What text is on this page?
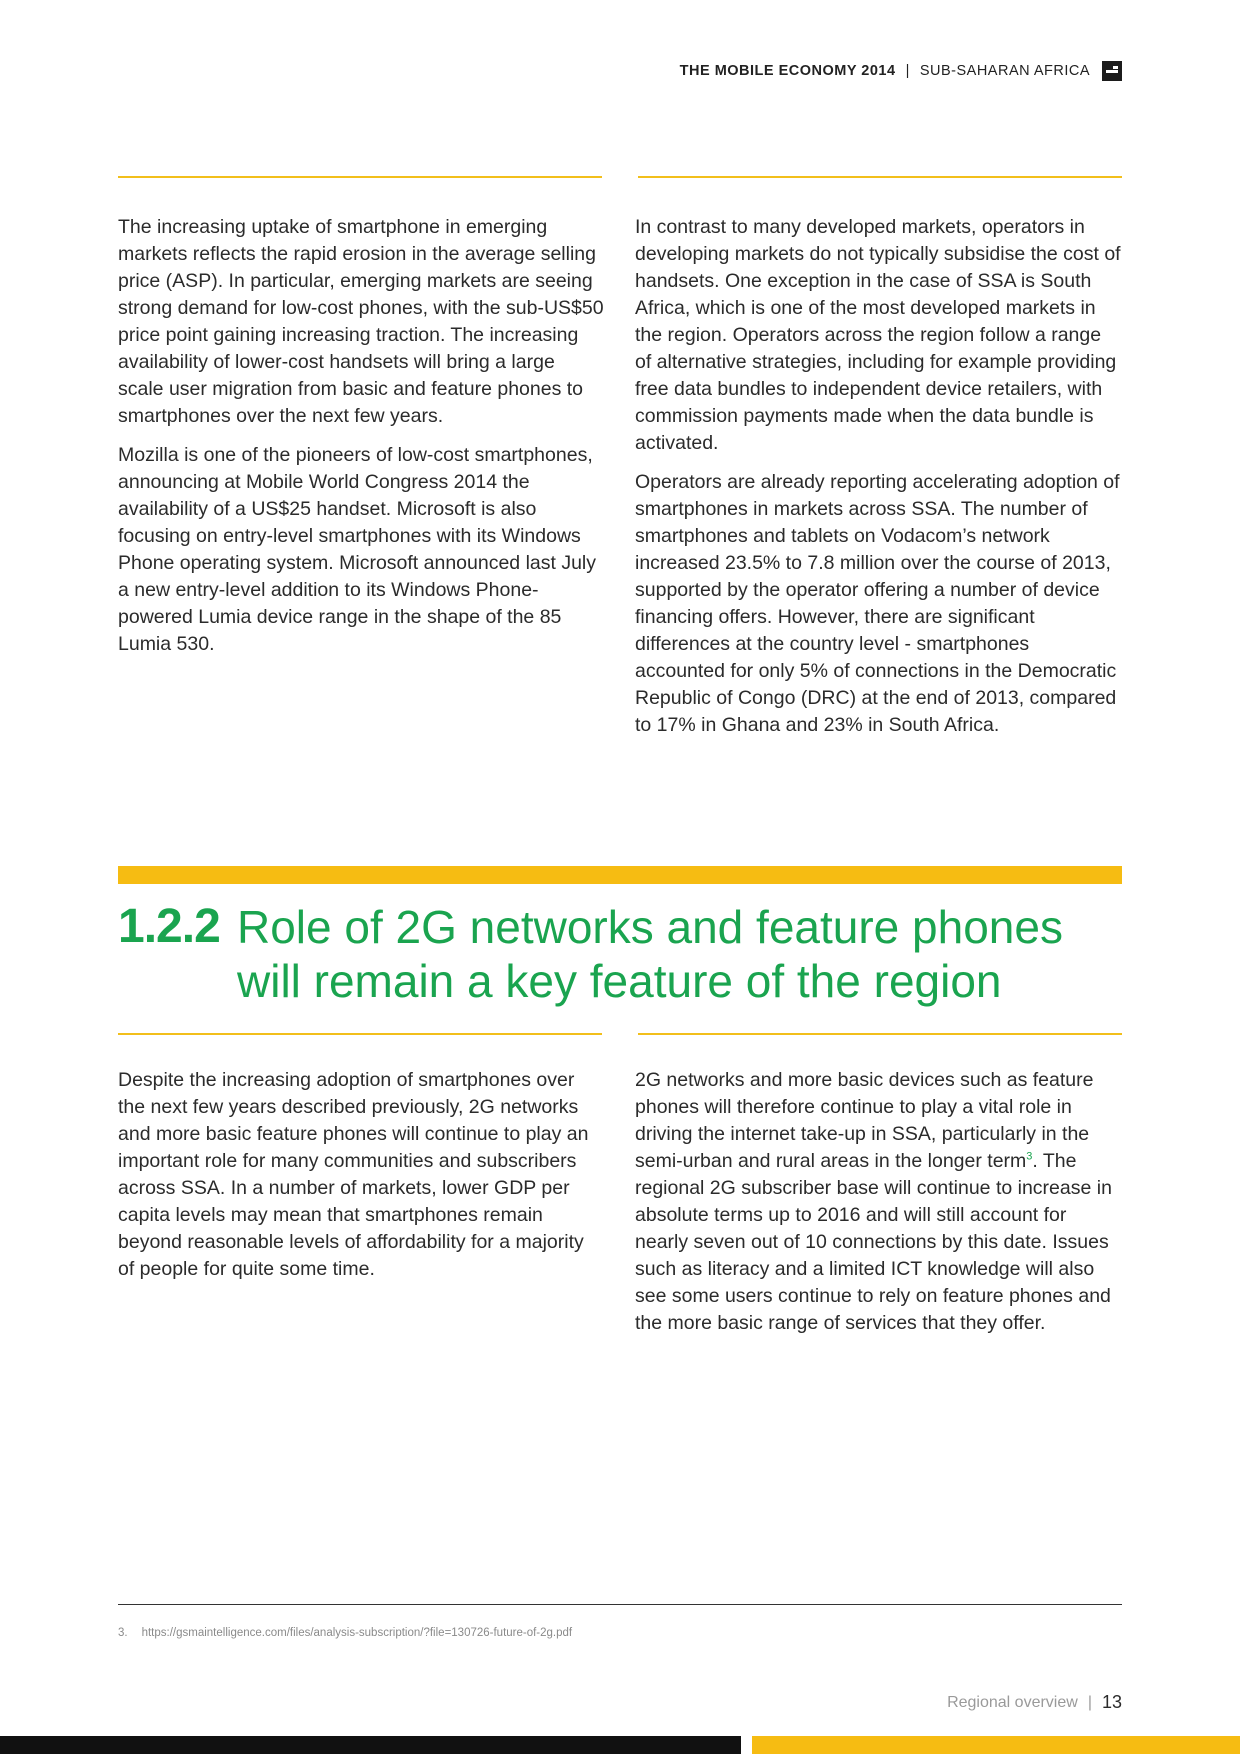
THE MOBILE ECONOMY 2014 | SUB-SAHARAN AFRICA

The increasing uptake of smartphone in emerging markets reflects the rapid erosion in the average selling price (ASP). In particular, emerging markets are seeing strong demand for low-cost phones, with the sub-US$50 price point gaining increasing traction. The increasing availability of lower-cost handsets will bring a large scale user migration from basic and feature phones to smartphones over the next few years.

Mozilla is one of the pioneers of low-cost smartphones, announcing at Mobile World Congress 2014 the availability of a US$25 handset. Microsoft is also focusing on entry-level smartphones with its Windows Phone operating system. Microsoft announced last July a new entry-level addition to its Windows Phone-powered Lumia device range in the shape of the 85 Lumia 530.

In contrast to many developed markets, operators in developing markets do not typically subsidise the cost of handsets. One exception in the case of SSA is South Africa, which is one of the most developed markets in the region. Operators across the region follow a range of alternative strategies, including for example providing free data bundles to independent device retailers, with commission payments made when the data bundle is activated.

Operators are already reporting accelerating adoption of smartphones in markets across SSA. The number of smartphones and tablets on Vodacom’s network increased 23.5% to 7.8 million over the course of 2013, supported by the operator offering a number of device financing offers. However, there are significant differences at the country level - smartphones accounted for only 5% of connections in the Democratic Republic of Congo (DRC) at the end of 2013, compared to 17% in Ghana and 23% in South Africa.

1.2.2 Role of 2G networks and feature phones will remain a key feature of the region

Despite the increasing adoption of smartphones over the next few years described previously, 2G networks and more basic feature phones will continue to play an important role for many communities and subscribers across SSA. In a number of markets, lower GDP per capita levels may mean that smartphones remain beyond reasonable levels of affordability for a majority of people for quite some time.

2G networks and more basic devices such as feature phones will therefore continue to play a vital role in driving the internet take-up in SSA, particularly in the semi-urban and rural areas in the longer term$^3$. The regional 2G subscriber base will continue to increase in absolute terms up to 2016 and will still account for nearly seven out of 10 connections by this date. Issues such as literacy and a limited ICT knowledge will also see some users continue to rely on feature phones and the more basic range of services that they offer.

3. https://gsmaintelligence.com/files/analysis-subscription/?file=130726-future-of-2g.pdf
Regional overview | 13
